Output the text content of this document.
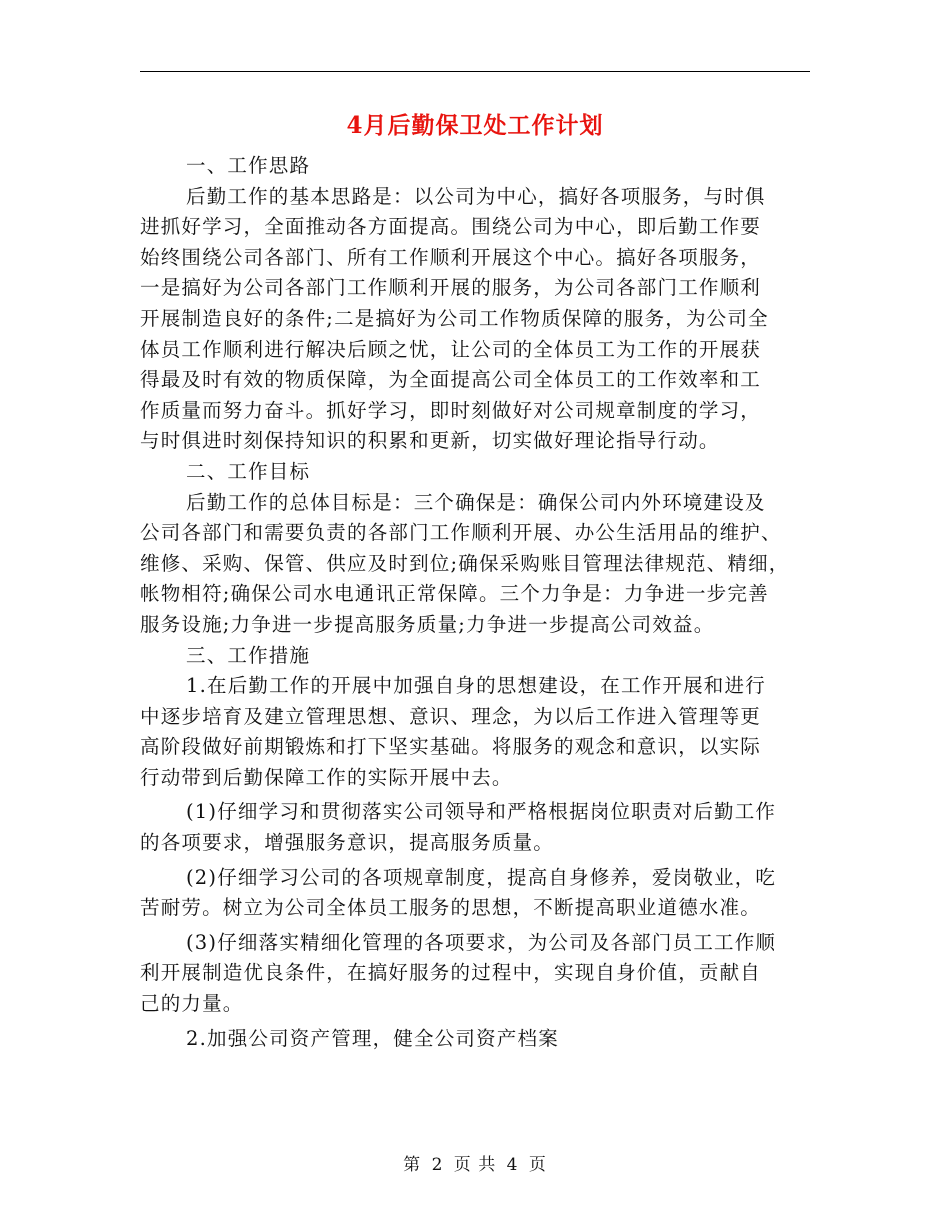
4月后勤保卫处工作计划

一、工作思路

后勤工作的基本思路是：以公司为中心，搞好各项服务，与时俱

进抓好学习，全面推动各方面提高。围绕公司为中心，即后勤工作要

始终围绕公司各部门、所有工作顺利开展这个中心。搞好各项服务，

一是搞好为公司各部门工作顺利开展的服务，为公司各部门工作顺利

开展制造良好的条件;二是搞好为公司工作物质保障的服务，为公司全

体员工作顺利进行解决后顾之忧，让公司的全体员工为工作的开展获

得最及时有效的物质保障，为全面提高公司全体员工的工作效率和工

作质量而努力奋斗。抓好学习，即时刻做好对公司规章制度的学习，

与时俱进时刻保持知识的积累和更新，切实做好理论指导行动。

二、工作目标

后勤工作的总体目标是：三个确保是：确保公司内外环境建设及

公司各部门和需要负责的各部门工作顺利开展、办公生活用品的维护、

维修、采购、保管、供应及时到位;确保采购账目管理法律规范、精细，

帐物相符;确保公司水电通讯正常保障。三个力争是：力争进一步完善

服务设施;力争进一步提高服务质量;力争进一步提高公司效益。

三、工作措施

1.在后勤工作的开展中加强自身的思想建设，在工作开展和进行

中逐步培育及建立管理思想、意识、理念，为以后工作进入管理等更

高阶段做好前期锻炼和打下坚实基础。将服务的观念和意识，以实际

行动带到后勤保障工作的实际开展中去。

(1)仔细学习和贯彻落实公司领导和严格根据岗位职责对后勤工作

的各项要求，增强服务意识，提高服务质量。

(2)仔细学习公司的各项规章制度，提高自身修养，爱岗敬业，吃

苦耐劳。树立为公司全体员工服务的思想，不断提高职业道德水准。

(3)仔细落实精细化管理的各项要求，为公司及各部门员工工作顺

利开展制造优良条件，在搞好服务的过程中，实现自身价值，贡献自

己的力量。

2.加强公司资产管理，健全公司资产档案

第 2 页 共 4 页
